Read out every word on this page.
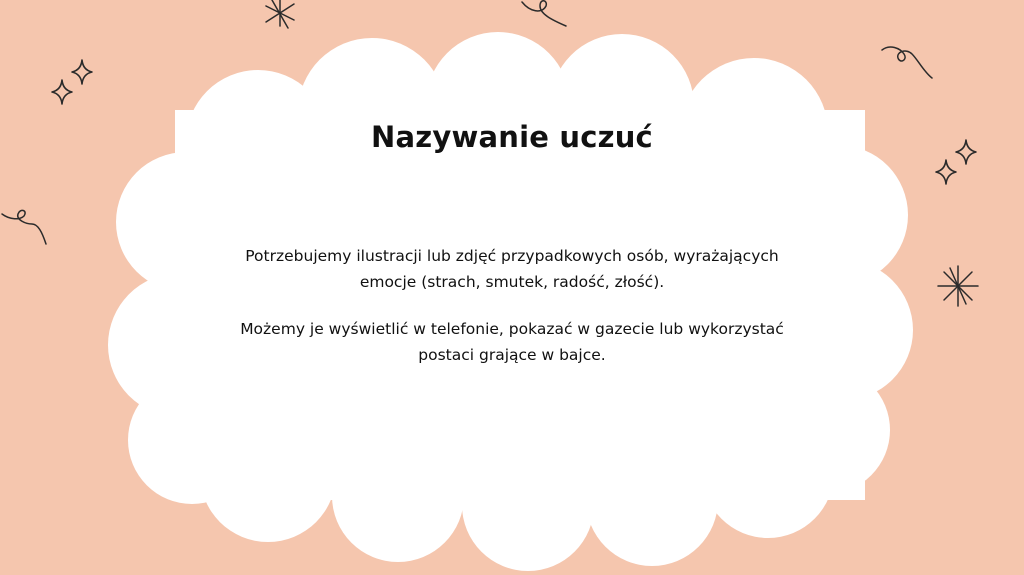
Nazywanie uczuć
Potrzebujemy ilustracji lub zdjęć przypadkowych osób, wyrażających
emocje (strach, smutek, radość, złość).
Możemy je wyświetlić w telefonie, pokazać w gazecie lub wykorzystać
postaci grające w bajce.
